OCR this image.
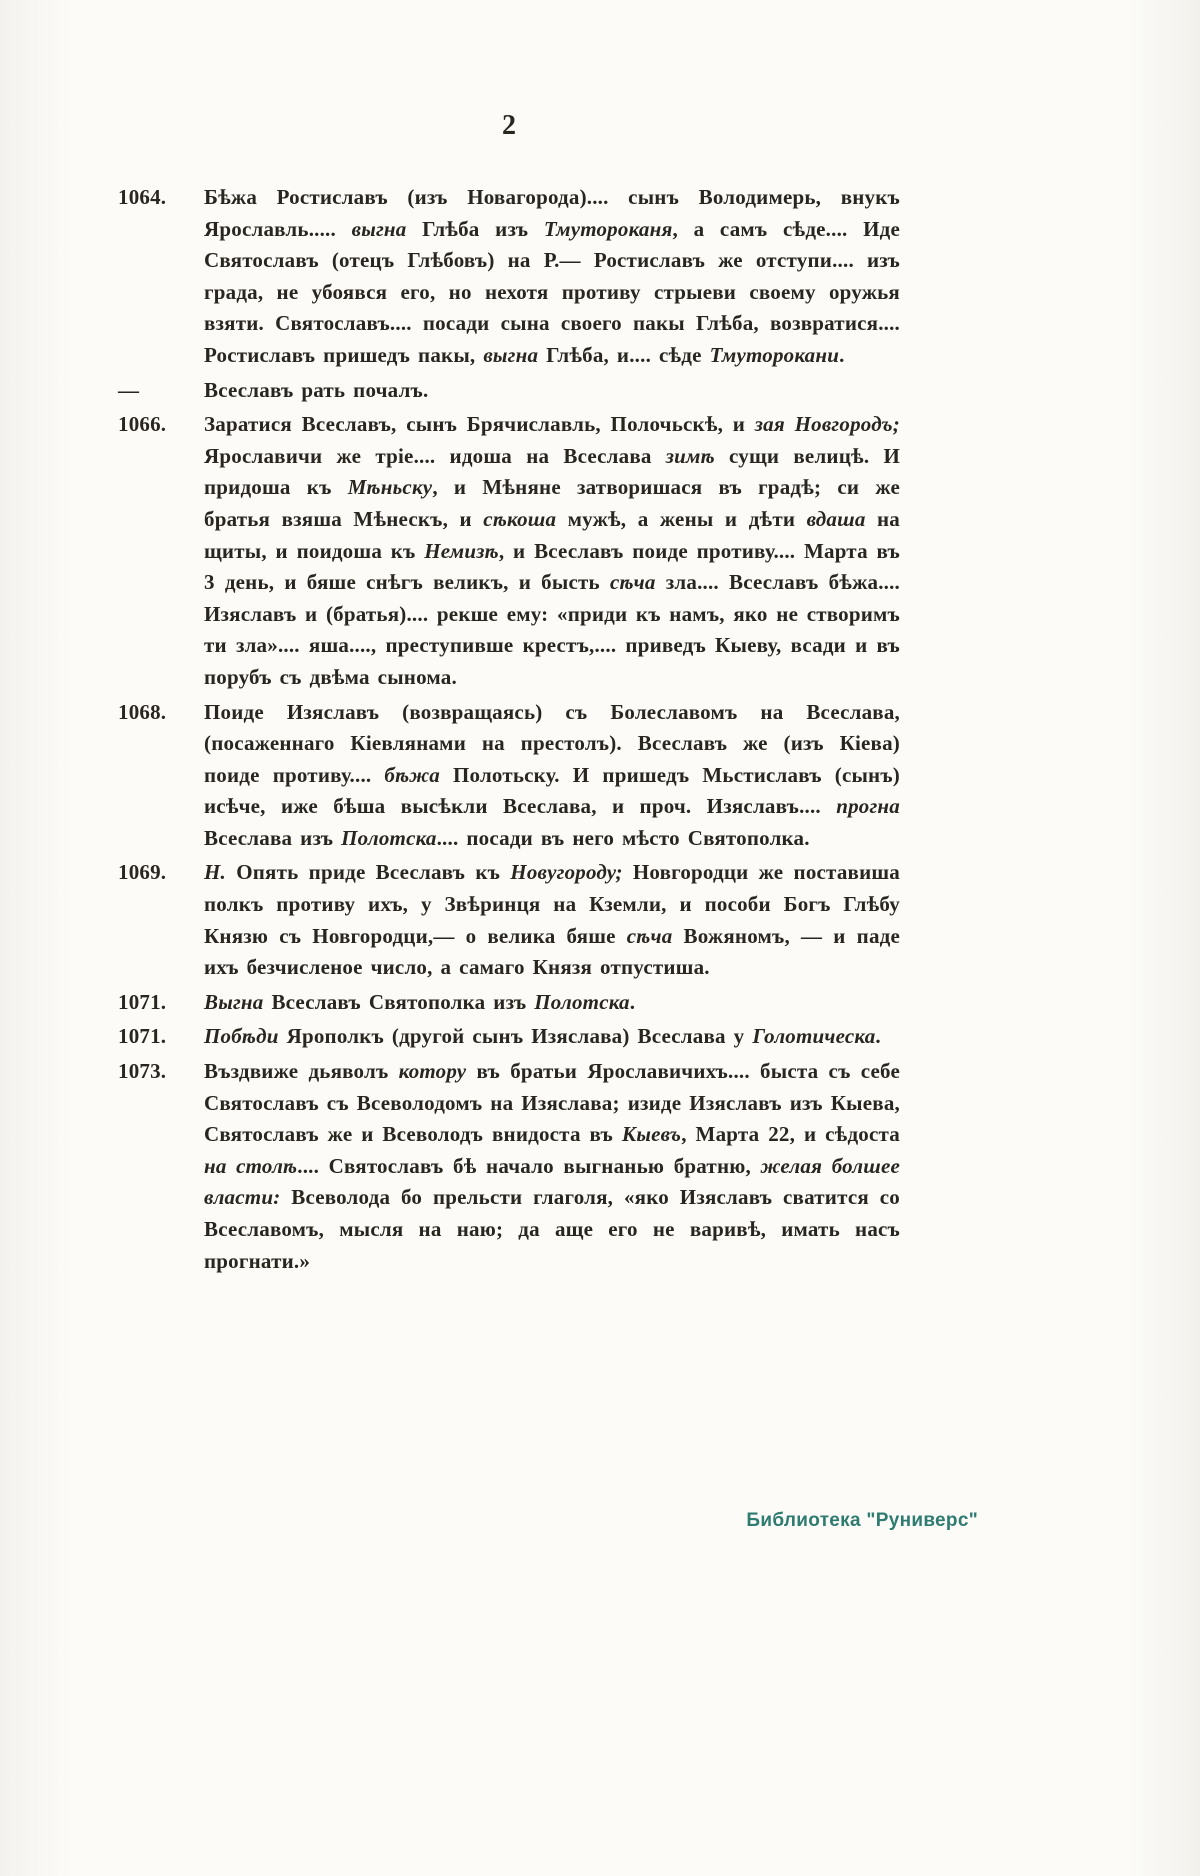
2
1064.	Бѣжа Ростиславъ (изъ Новагорода).... сынъ Володимерь, внукъ Ярославль..... выгна Глѣба изъ Тмутороканя, а самъ сѣде.... Иде Святославъ (отецъ Глѣбовъ) на Р.— Ростиславъ же отступи.... изъ града, не убоявся его, но нехотя противу стрыеви своему оружья взяти. Святославъ.... посади сына своего пакы Глѣба, возвратися.... Ростиславъ пришедъ пакы, выгна Глѣба, и.... сѣде Тмуторокани.
—	Всеславъ рать почалъ.
1066.	Заратися Всеславъ, сынъ Брячиславль, Полочьскѣ, и зая Новгородъ; Ярославичи же тріе.... идоша на Всеслава зимѣ сущи велицѣ. И придоша къ Мѣньску, и Мѣняне затворишася въ градѣ; си же братья взяша Мѣнескъ, и сѣкоша мужѣ, а жены и дѣти вдаша на щиты, и поидоша къ Немизѣ, и Всеславъ поиде противу.... Марта въ 3 день, и бяше снѣгъ великъ, и бысть сѣча зла.... Всеславъ бѣжа.... Изяславъ и (братья).... рекше ему: «приди къ намъ, яко не створимъ ти зла».... яша...., преступивше крестъ,.... приведъ Кыеву, всади и въ порубъ съ двѣма сынома.
1068.	Поиде Изяславъ (возвращаясь) съ Болеславомъ на Всеслава, (посаженнаго Кіевлянами на престолъ). Всеславъ же (изъ Кіева) поиде противу.... бѣжа Полотьску. И пришедъ Мьстиславъ (сынъ) исѣче, иже бѣша высѣкли Всеслава, и проч. Изяславъ.... прогна Всеслава изъ Полотска.... посади въ него мѣсто Святополка.
1069.	Н. Опять приде Всеславъ къ Новугороду; Новгородци же поставиша полкъ противу ихъ, у Звѣринця на Кземли, и пособи Богъ Глѣбу Князю съ Новгородци,— о велика бяше сѣча Вожяномъ, — и паде ихъ безчисленое число, а самаго Князя отпустиша.
1071.	Выгна Всеславъ Святополка изъ Полотска.
1071.	Побѣди Ярополкъ (другой сынъ Изяслава) Всеслава у Голотическа.
1073.	Въздвиже дьяволъ котору въ братьи Ярославичихъ.... быста съ себе Святославъ съ Всеволодомъ на Изяслава; изиде Изяславъ изъ Кыева, Святославъ же и Всеволодъ внидоста въ Кыевъ, Марта 22, и сѣдоста на столѣ.... Святославъ бѣ начало выгнанью братню, желая болшее власти: Всеволода бо прельсти глаголя, «яко Изяславъ сватится со Всеславомъ, мысля на наю; да аще его не варивѣ, имать насъ прогнати.»
Библиотека "Руниверс"
